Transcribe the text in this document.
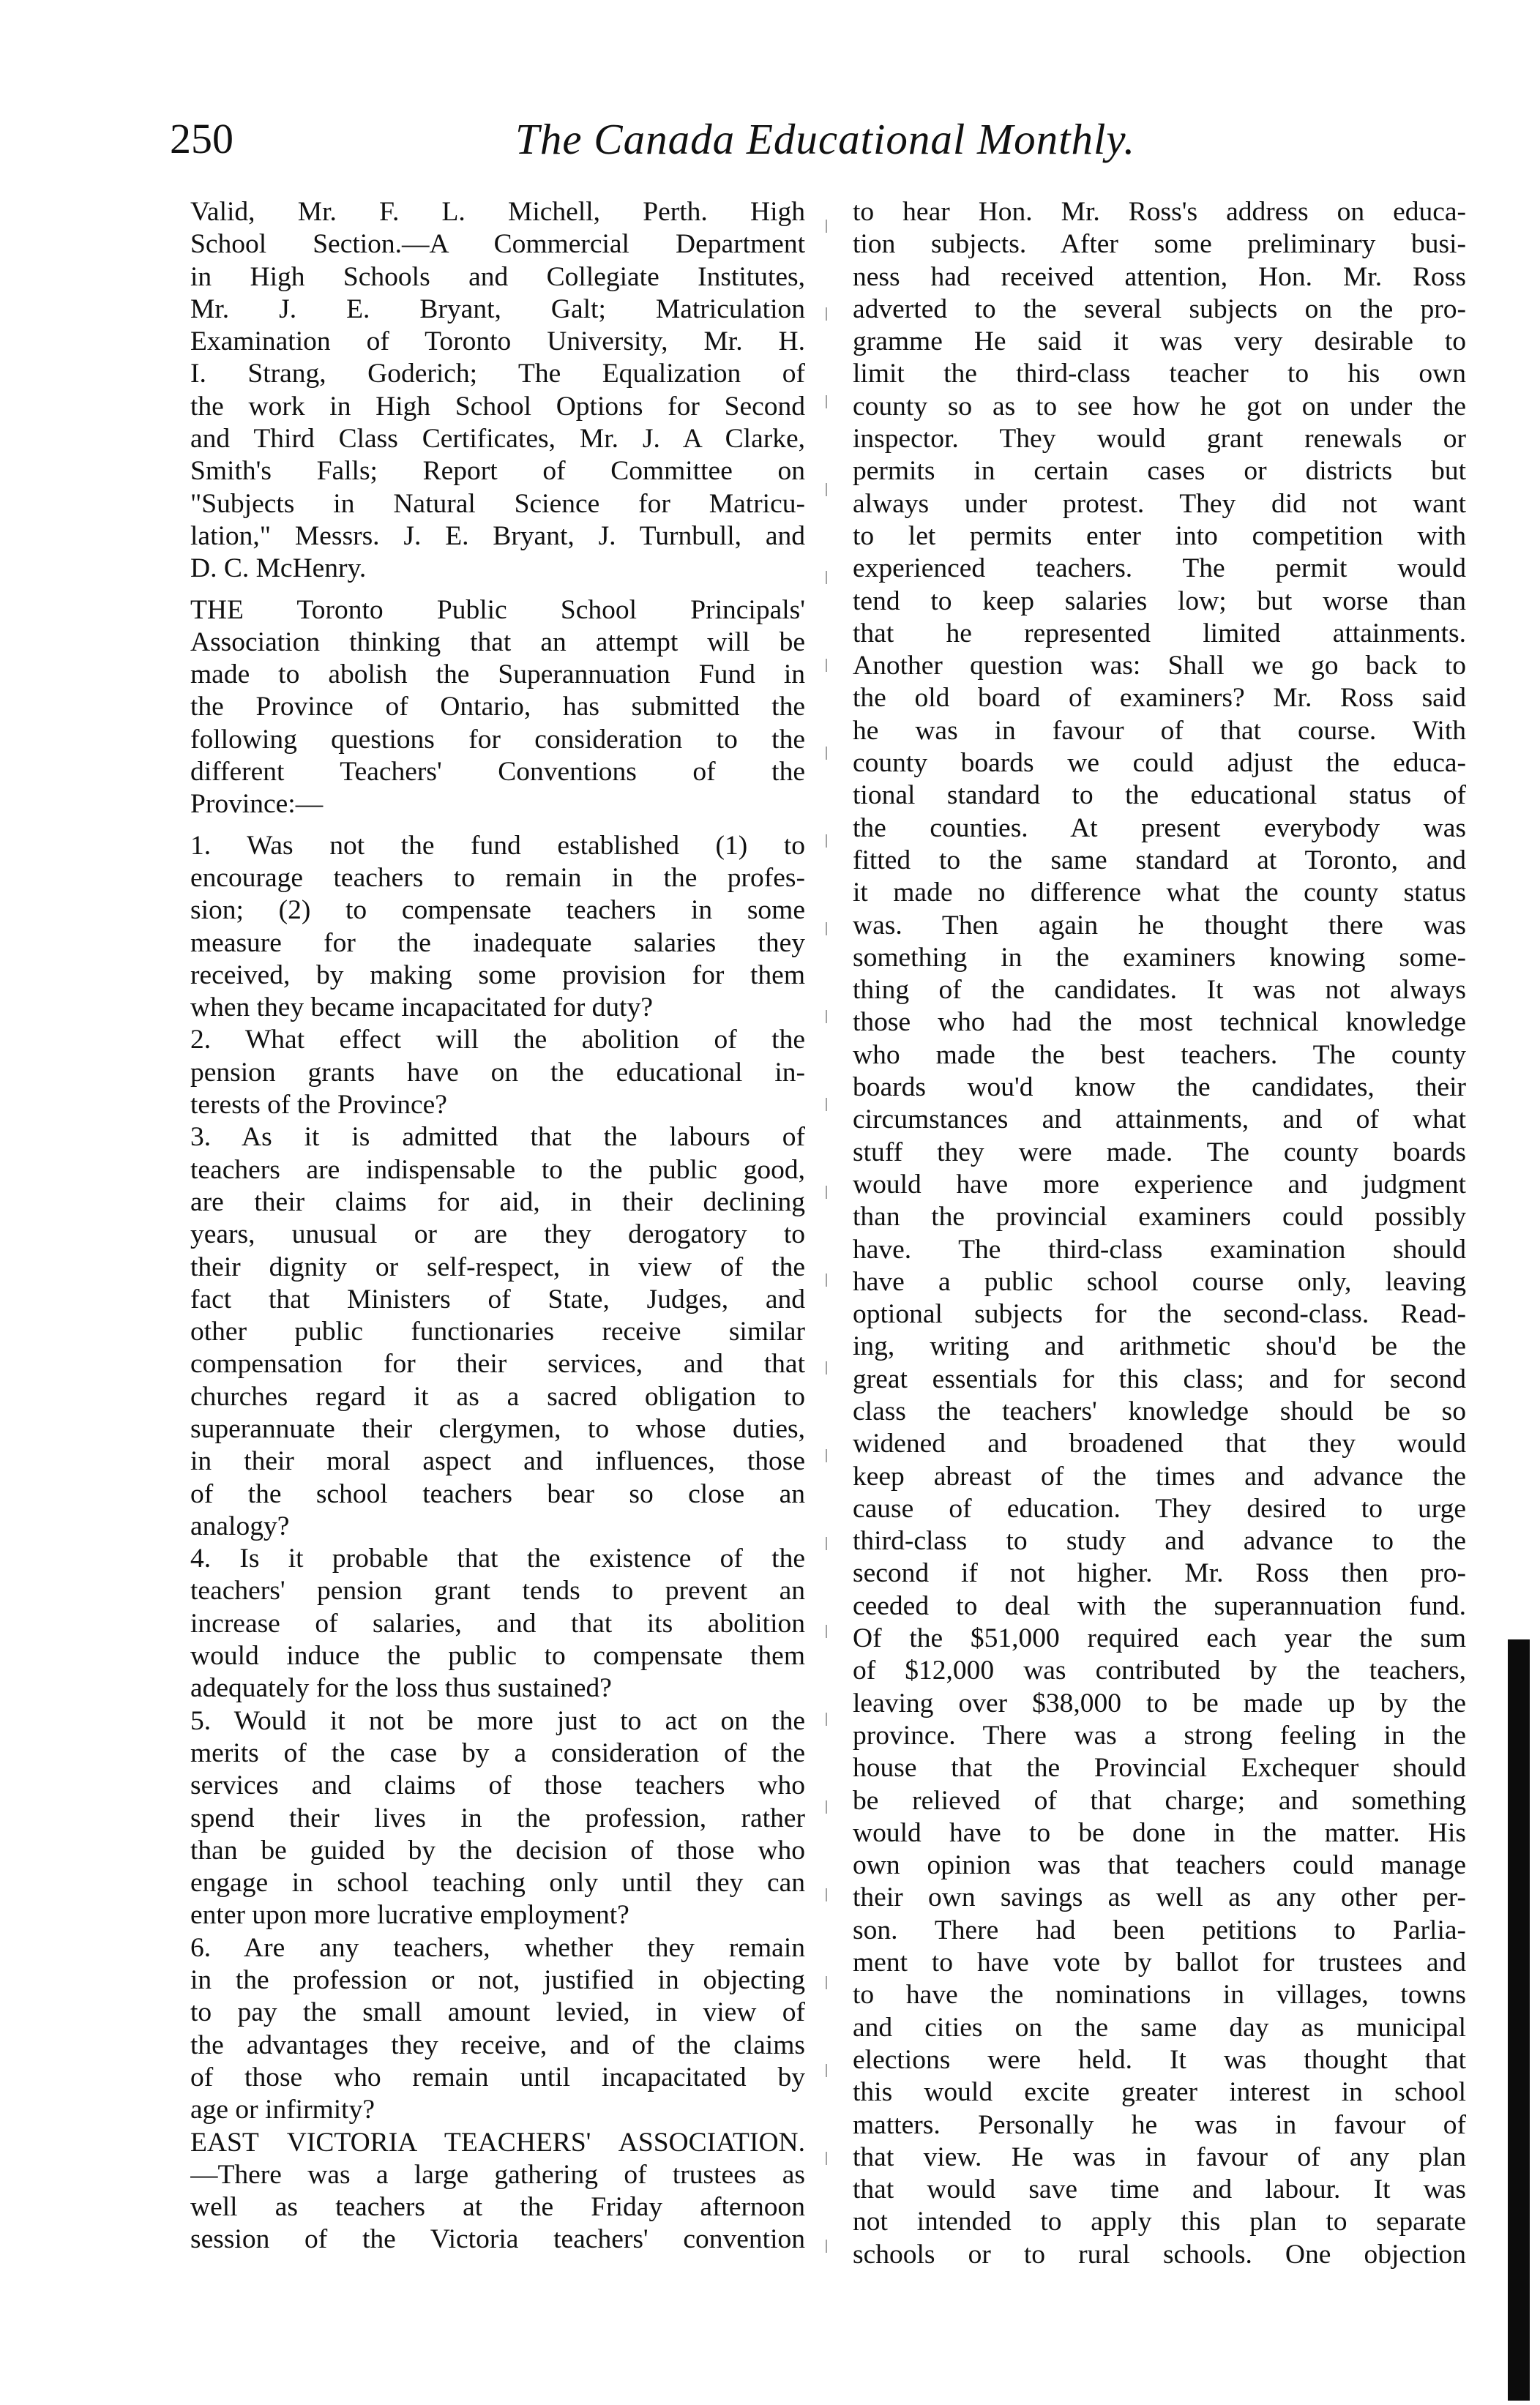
250	The Canada Educational Monthly.
Valid, Mr. F. L. Michell, Perth. High
School Section.—A Commercial Department
in High Schools and Collegiate Institutes,
Mr. J. E. Bryant, Galt; Matriculation
Examination of Toronto University, Mr. H.
I. Strang, Goderich; The Equalization of
the work in High School Options for Second
and Third Class Certificates, Mr. J. A Clarke,
Smith's Falls; Report of Committee on
"Subjects in Natural Science for Matricu-
lation," Messrs. J. E. Bryant, J. Turnbull, and
D. C. McHenry.
THE Toronto Public School Principals'
Association thinking that an attempt will be
made to abolish the Superannuation Fund in
the Province of Ontario, has submitted the
following questions for consideration to the
different Teachers' Conventions of the
Province:—
1. Was not the fund established (1) to
encourage teachers to remain in the profes-
sion; (2) to compensate teachers in some
measure for the inadequate salaries they
received, by making some provision for them
when they became incapacitated for duty?
2. What effect will the abolition of the
pension grants have on the educational in-
terests of the Province?
3. As it is admitted that the labours of
teachers are indispensable to the public good,
are their claims for aid, in their declining
years, unusual or are they derogatory to
their dignity or self-respect, in view of the
fact that Ministers of State, Judges, and
other public functionaries receive similar
compensation for their services, and that
churches regard it as a sacred obligation to
superannuate their clergymen, to whose duties,
in their moral aspect and influences, those
of the school teachers bear so close an
analogy?
4. Is it probable that the existence of the
teachers' pension grant tends to prevent an
increase of salaries, and that its abolition
would induce the public to compensate them
adequately for the loss thus sustained?
5. Would it not be more just to act on the
merits of the case by a consideration of the
services and claims of those teachers who
spend their lives in the profession, rather
than be guided by the decision of those who
engage in school teaching only until they can
enter upon more lucrative employment?
6. Are any teachers, whether they remain
in the profession or not, justified in objecting
to pay the small amount levied, in view of
the advantages they receive, and of the claims
of those who remain until incapacitated by
age or infirmity?
EAST VICTORIA TEACHERS' ASSOCIATION.
—There was a large gathering of trustees as
well as teachers at the Friday afternoon
session of the Victoria teachers' convention
to hear Hon. Mr. Ross's address on educa-
tion subjects. After some preliminary busi-
ness had received attention, Hon. Mr. Ross
adverted to the several subjects on the pro-
gramme He said it was very desirable to
limit the third-class teacher to his own
county so as to see how he got on under the
inspector. They would grant renewals or
permits in certain cases or districts but
always under protest. They did not want
to let permits enter into competition with
experienced teachers. The permit would
tend to keep salaries low; but worse than
that he represented limited attainments.
Another question was: Shall we go back to
the old board of examiners? Mr. Ross said
he was in favour of that course. With
county boards we could adjust the educa-
tional standard to the educational status of
the counties. At present everybody was
fitted to the same standard at Toronto, and
it made no difference what the county status
was. Then again he thought there was
something in the examiners knowing some-
thing of the candidates. It was not always
those who had the most technical knowledge
who made the best teachers. The county
boards wou'd know the candidates, their
circumstances and attainments, and of what
stuff they were made. The county boards
would have more experience and judgment
than the provincial examiners could possibly
have. The third-class examination should
have a public school course only, leaving
optional subjects for the second-class. Read-
ing, writing and arithmetic shou'd be the
great essentials for this class; and for second
class the teachers' knowledge should be so
widened and broadened that they would
keep abreast of the times and advance the
cause of education. They desired to urge
third-class to study and advance to the
second if not higher. Mr. Ross then pro-
ceeded to deal with the superannuation fund.
Of the $51,000 required each year the sum
of $12,000 was contributed by the teachers,
leaving over $38,000 to be made up by the
province. There was a strong feeling in the
house that the Provincial Exchequer should
be relieved of that charge; and something
would have to be done in the matter. His
own opinion was that teachers could manage
their own savings as well as any other per-
son. There had been petitions to Parlia-
ment to have vote by ballot for trustees and
to have the nominations in villages, towns
and cities on the same day as municipal
elections were held. It was thought that
this would excite greater interest in school
matters. Personally he was in favour of
that view. He was in favour of any plan
that would save time and labour. It was
not intended to apply this plan to separate
schools or to rural schools. One objection
